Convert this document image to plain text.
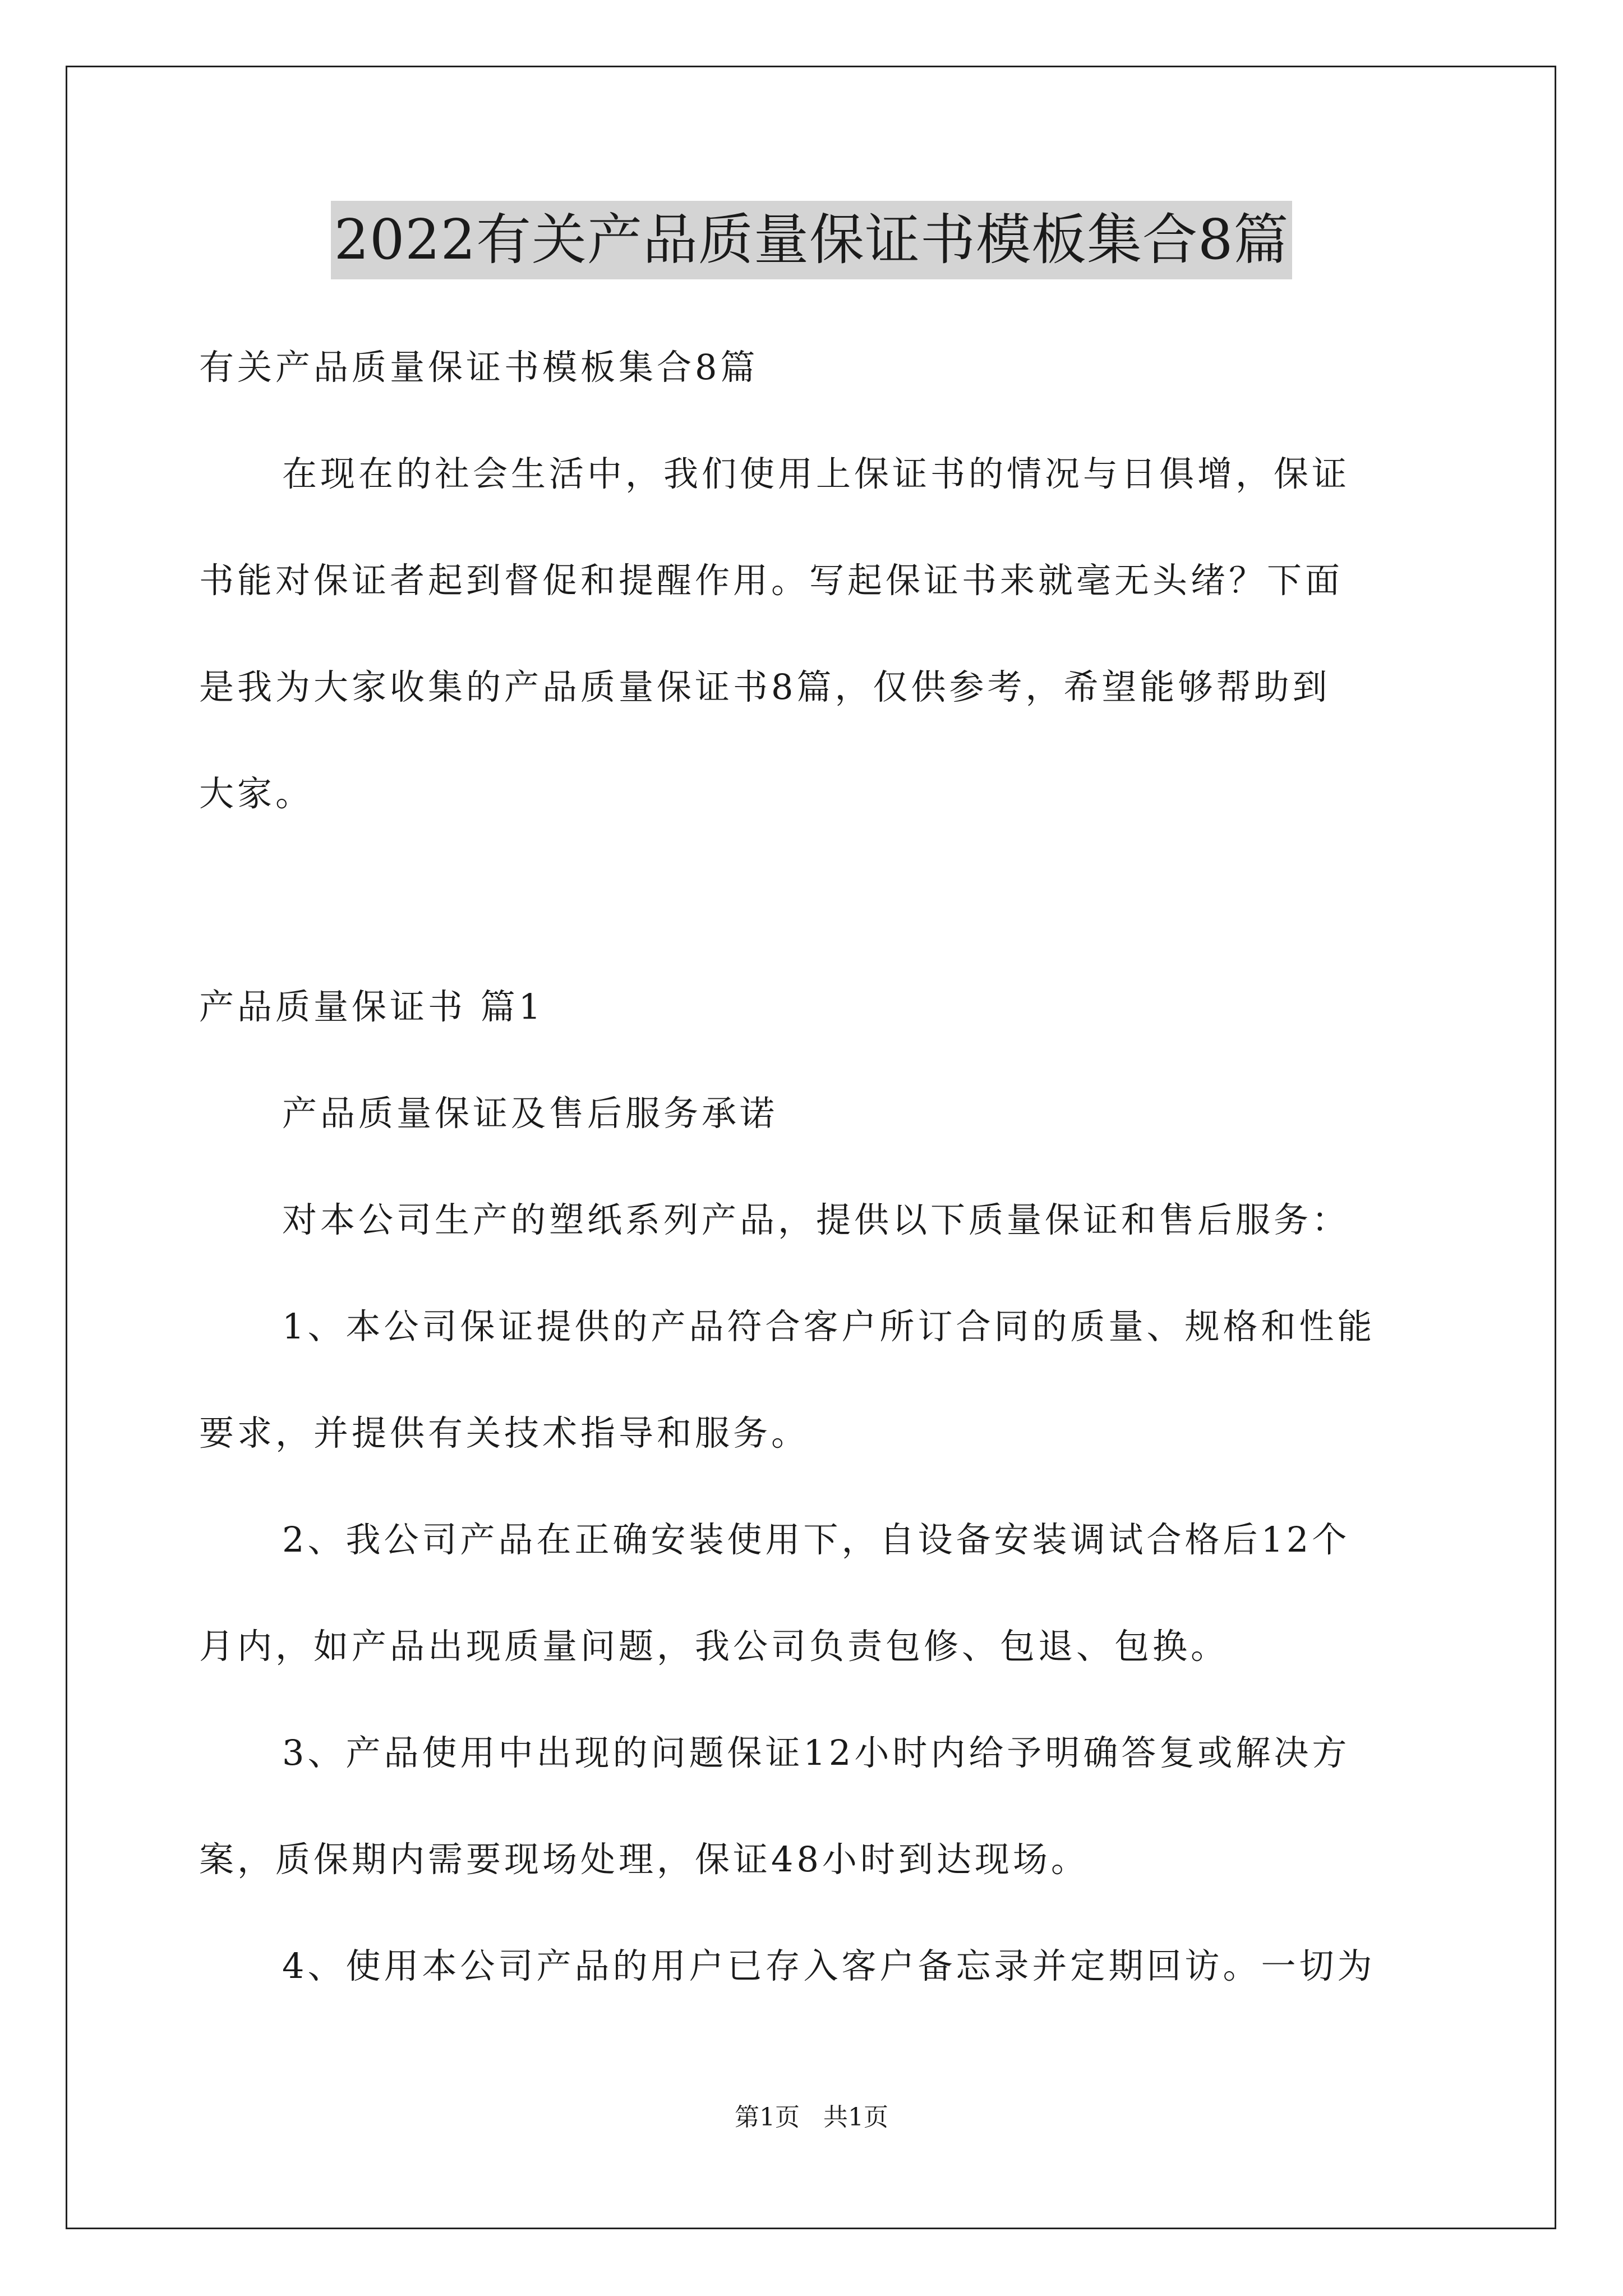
2022有关产品质量保证书模板集合8篇

有关产品质量保证书模板集合8篇

在现在的社会生活中，我们使用上保证书的情况与日俱增，保证

书能对保证者起到督促和提醒作用。写起保证书来就毫无头绪？下面

是我为大家收集的产品质量保证书8篇，仅供参考，希望能够帮助到

大家。

产品质量保证书 篇1

产品质量保证及售后服务承诺

对本公司生产的塑纸系列产品，提供以下质量保证和售后服务：

1、本公司保证提供的产品符合客户所订合同的质量、规格和性能

要求，并提供有关技术指导和服务。

2、我公司产品在正确安装使用下，自设备安装调试合格后12个

月内，如产品出现质量问题，我公司负责包修、包退、包换。

3、产品使用中出现的问题保证12小时内给予明确答复或解决方

案，质保期内需要现场处理，保证48小时到达现场。

4、使用本公司产品的用户已存入客户备忘录并定期回访。一切为

第1页   共1页
